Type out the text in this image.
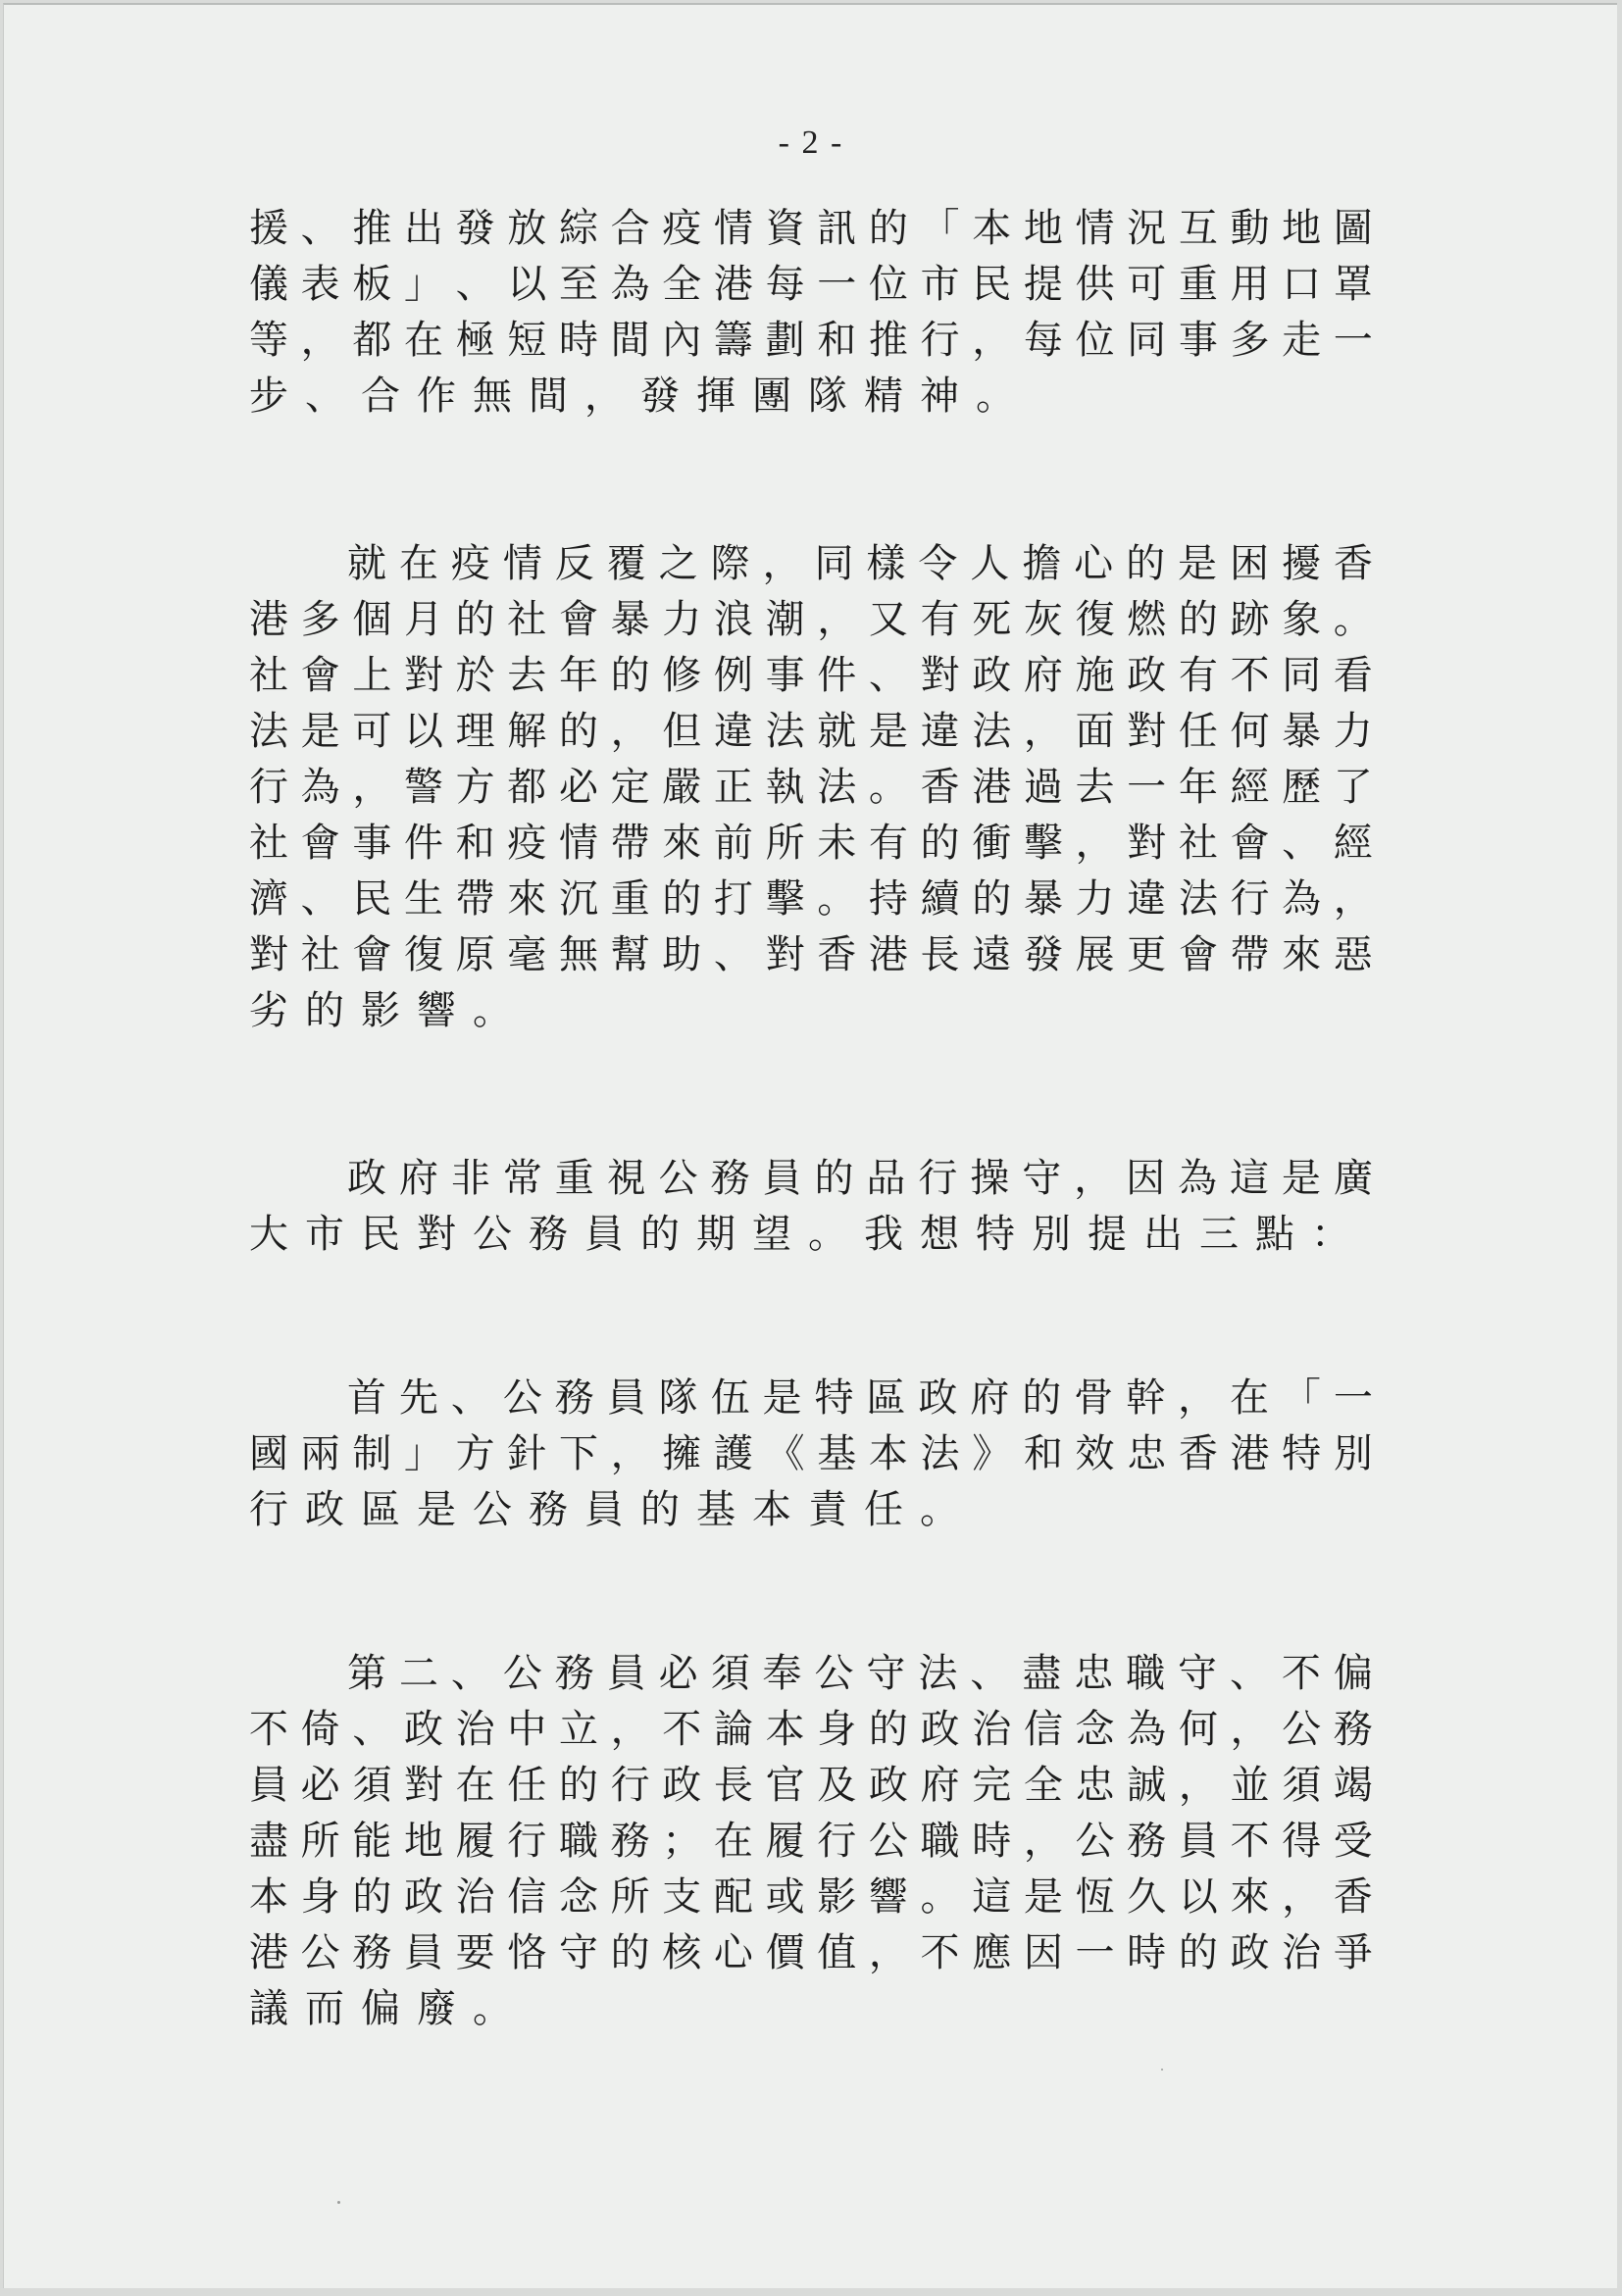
- 2 -
援 、 推 出 發 放 綜 合 疫 情 資 訊 的 「 本 地 情 況 互 動 地 圖
儀 表 板 」 、 以 至 為 全 港 每 一 位 市 民 提 供 可 重 用 口 罩
等 ， 都 在 極 短 時 間 內 籌 劃 和 推 行 ， 每 位 同 事 多 走 一
步 、 合 作 無 間 ， 發 揮 團 隊 精 神 。
就 在 疫 情 反 覆 之 際 ， 同 樣 令 人 擔 心 的 是 困 擾 香
港 多 個 月 的 社 會 暴 力 浪 潮 ， 又 有 死 灰 復 燃 的 跡 象 。
社 會 上 對 於 去 年 的 修 例 事 件 、 對 政 府 施 政 有 不 同 看
法 是 可 以 理 解 的 ， 但 違 法 就 是 違 法 ， 面 對 任 何 暴 力
行 為 ， 警 方 都 必 定 嚴 正 執 法 。 香 港 過 去 一 年 經 歷 了
社 會 事 件 和 疫 情 帶 來 前 所 未 有 的 衝 擊 ， 對 社 會 、 經
濟 、 民 生 帶 來 沉 重 的 打 擊 。 持 續 的 暴 力 違 法 行 為 ，
對 社 會 復 原 毫 無 幫 助 、 對 香 港 長 遠 發 展 更 會 帶 來 惡
劣 的 影 響 。
政 府 非 常 重 視 公 務 員 的 品 行 操 守 ， 因 為 這 是 廣
大 市 民 對 公 務 員 的 期 望 。 我 想 特 別 提 出 三 點 ：
首 先 、 公 務 員 隊 伍 是 特 區 政 府 的 骨 幹 ， 在 「 一
國 兩 制 」 方 針 下 ， 擁 護 《 基 本 法 》 和 效 忠 香 港 特 別
行 政 區 是 公 務 員 的 基 本 責 任 。
第 二 、 公 務 員 必 須 奉 公 守 法 、 盡 忠 職 守 、 不 偏
不 倚 、 政 治 中 立 ， 不 論 本 身 的 政 治 信 念 為 何 ， 公 務
員 必 須 對 在 任 的 行 政 長 官 及 政 府 完 全 忠 誠 ， 並 須 竭
盡 所 能 地 履 行 職 務 ； 在 履 行 公 職 時 ， 公 務 員 不 得 受
本 身 的 政 治 信 念 所 支 配 或 影 響 。 這 是 恆 久 以 來 ， 香
港 公 務 員 要 恪 守 的 核 心 價 值 ， 不 應 因 一 時 的 政 治 爭
議 而 偏 廢 。
